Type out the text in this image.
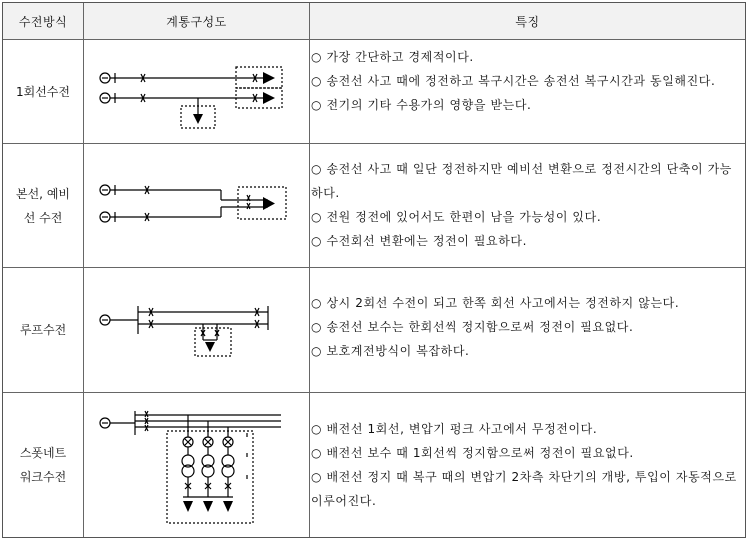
수전방식	계통구성도	특징
1회선수전

○ 가장 간단하고 경제적이다.

○ 송전선 사고 때에 정전하고 복구시간은 송전선 복구시간과 동일해진다.

○ 전기의 기타 수용가의 영향을 받는다.

본선, 예비
선 수전

○ 송전선 사고 때 일단 정전하지만 예비선 변환으로 정전시간의 단축이 가능하다.

○ 전원 정전에 있어서도 한편이 남을 가능성이 있다.

○ 수전회선 변환에는 정전이 필요하다.

루프수전

○ 상시 2회선 수전이 되고 한쪽 회선 사고에서는 정전하지 않는다.

○ 송전선 보수는 한회선씩 정지함으로써 정전이 필요없다.

○ 보호계전방식이 복잡하다.

스폿네트
워크수전

○ 배전선 1회선, 변압기 펑크 사고에서 무정전이다.

○ 배전선 보수 때 1회선씩 정지함으로써 정전이 필요없다.

○ 배전선 정지 때 복구 때의 변압기 2차측 차단기의 개방, 투입이 자동적으로 이루어진다.
